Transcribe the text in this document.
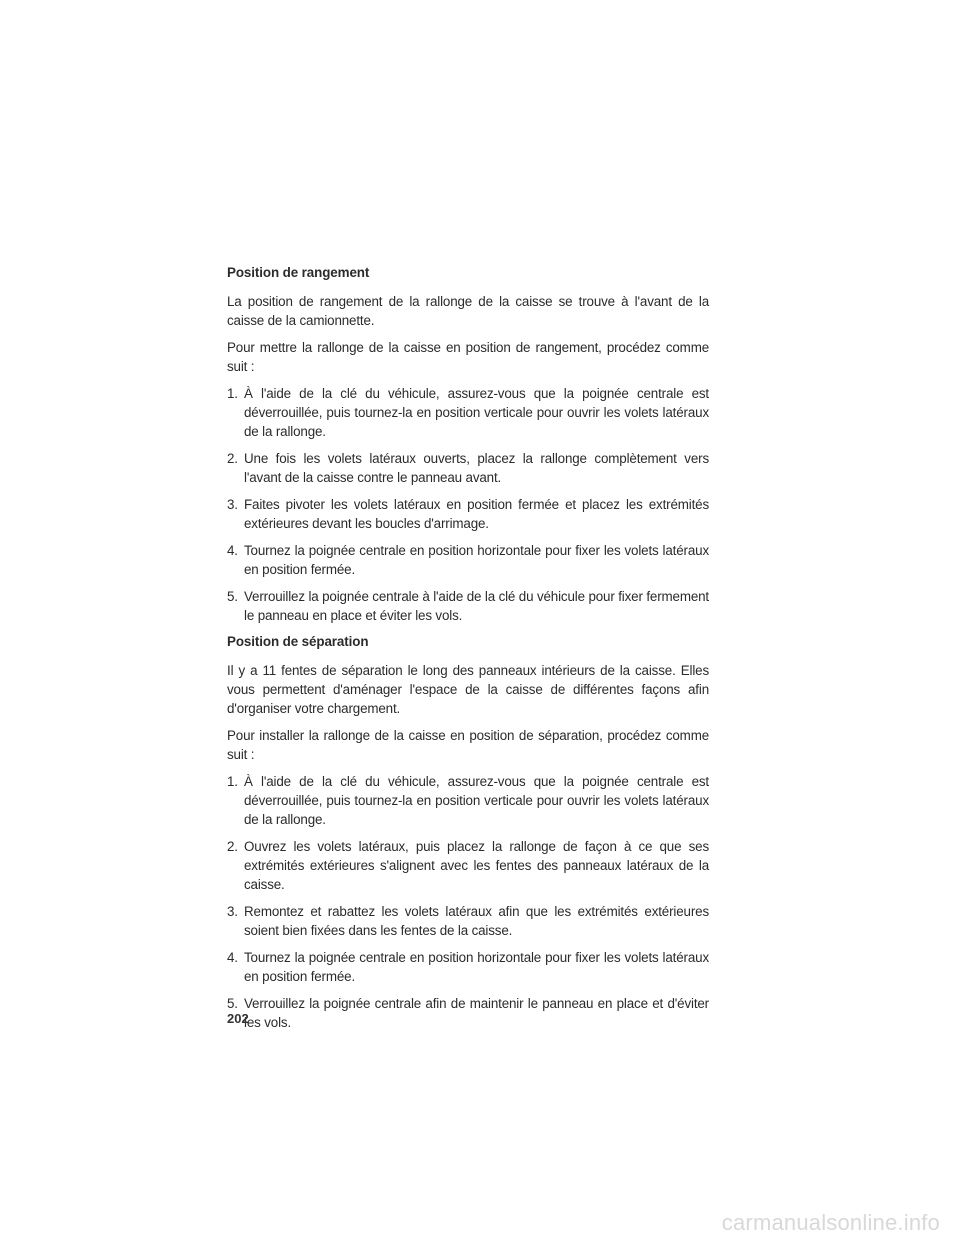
Position de rangement

La position de rangement de la rallonge de la caisse se trouve à l'avant de la caisse de la camionnette.

Pour mettre la rallonge de la caisse en position de rangement, procédez comme suit :

1. À l'aide de la clé du véhicule, assurez-vous que la poignée centrale est déverrouillée, puis tournez-la en position verticale pour ouvrir les volets latéraux de la rallonge.
2. Une fois les volets latéraux ouverts, placez la rallonge complètement vers l'avant de la caisse contre le panneau avant.
3. Faites pivoter les volets latéraux en position fermée et placez les extrémités extérieures devant les boucles d'arrimage.
4. Tournez la poignée centrale en position horizontale pour fixer les volets latéraux en position fermée.
5. Verrouillez la poignée centrale à l'aide de la clé du véhicule pour fixer fermement le panneau en place et éviter les vols.
Position de séparation

Il y a 11 fentes de séparation le long des panneaux intérieurs de la caisse. Elles vous permettent d'aménager l'espace de la caisse de différentes façons afin d'organiser votre chargement.

Pour installer la rallonge de la caisse en position de séparation, procédez comme suit :

1. À l'aide de la clé du véhicule, assurez-vous que la poignée centrale est déverrouillée, puis tournez-la en position verticale pour ouvrir les volets latéraux de la rallonge.
2. Ouvrez les volets latéraux, puis placez la rallonge de façon à ce que ses extrémités extérieures s'alignent avec les fentes des panneaux latéraux de la caisse.
3. Remontez et rabattez les volets latéraux afin que les extrémités extérieures soient bien fixées dans les fentes de la caisse.
4. Tournez la poignée centrale en position horizontale pour fixer les volets latéraux en position fermée.
5. Verrouillez la poignée centrale afin de maintenir le panneau en place et d'éviter les vols.
202
carmanualsonline.info
